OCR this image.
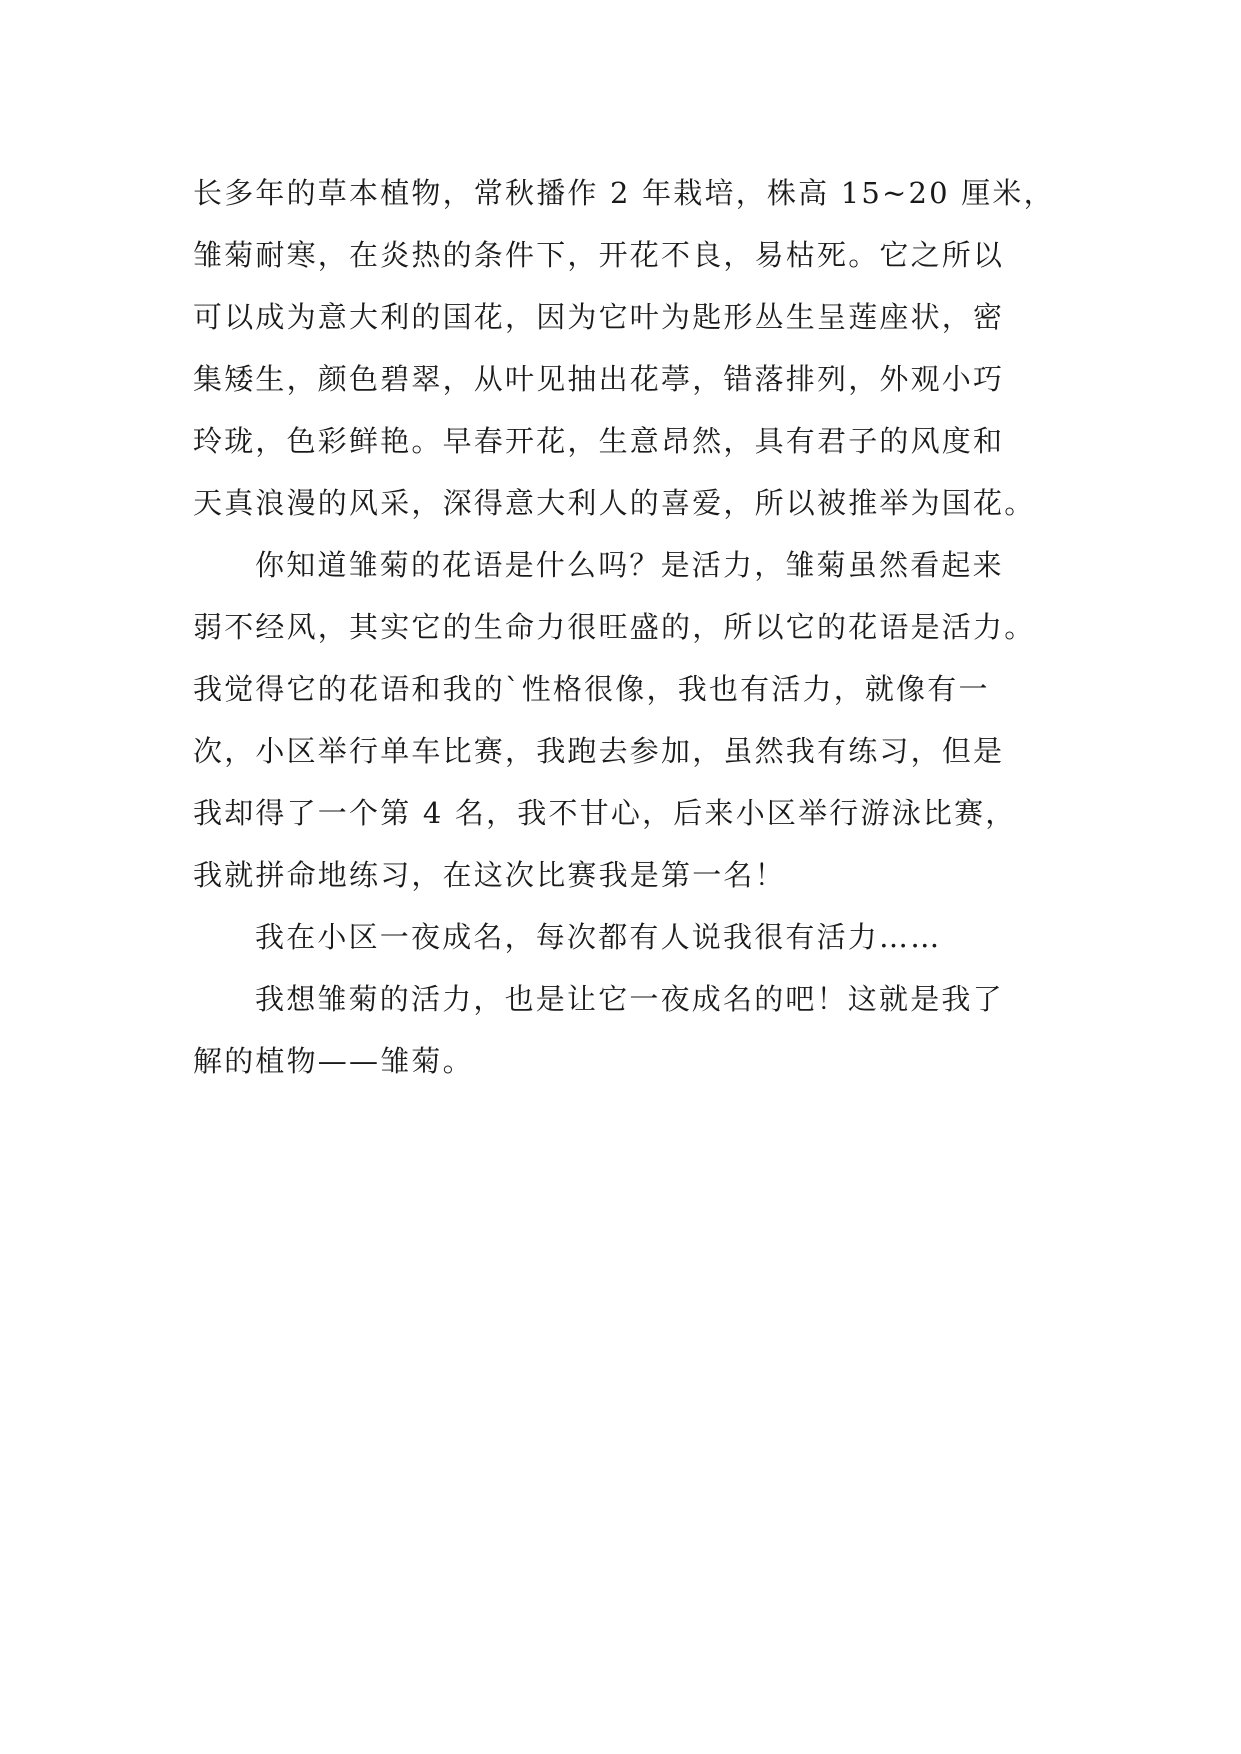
长多年的草本植物，常秋播作 2 年栽培，株高 15~20 厘米，
雏菊耐寒，在炎热的条件下，开花不良，易枯死。它之所以
可以成为意大利的国花，因为它叶为匙形丛生呈莲座状，密
集矮生，颜色碧翠，从叶见抽出花葶，错落排列，外观小巧
玲珑，色彩鲜艳。早春开花，生意昂然，具有君子的风度和
天真浪漫的风采，深得意大利人的喜爱，所以被推举为国花。
你知道雏菊的花语是什么吗？是活力，雏菊虽然看起来
弱不经风，其实它的生命力很旺盛的，所以它的花语是活力。
我觉得它的花语和我的`性格很像，我也有活力，就像有一
次，小区举行单车比赛，我跑去参加，虽然我有练习，但是
我却得了一个第 4 名，我不甘心，后来小区举行游泳比赛，
我就拼命地练习，在这次比赛我是第一名！
我在小区一夜成名，每次都有人说我很有活力……
我想雏菊的活力，也是让它一夜成名的吧！这就是我了
解的植物——雏菊。
